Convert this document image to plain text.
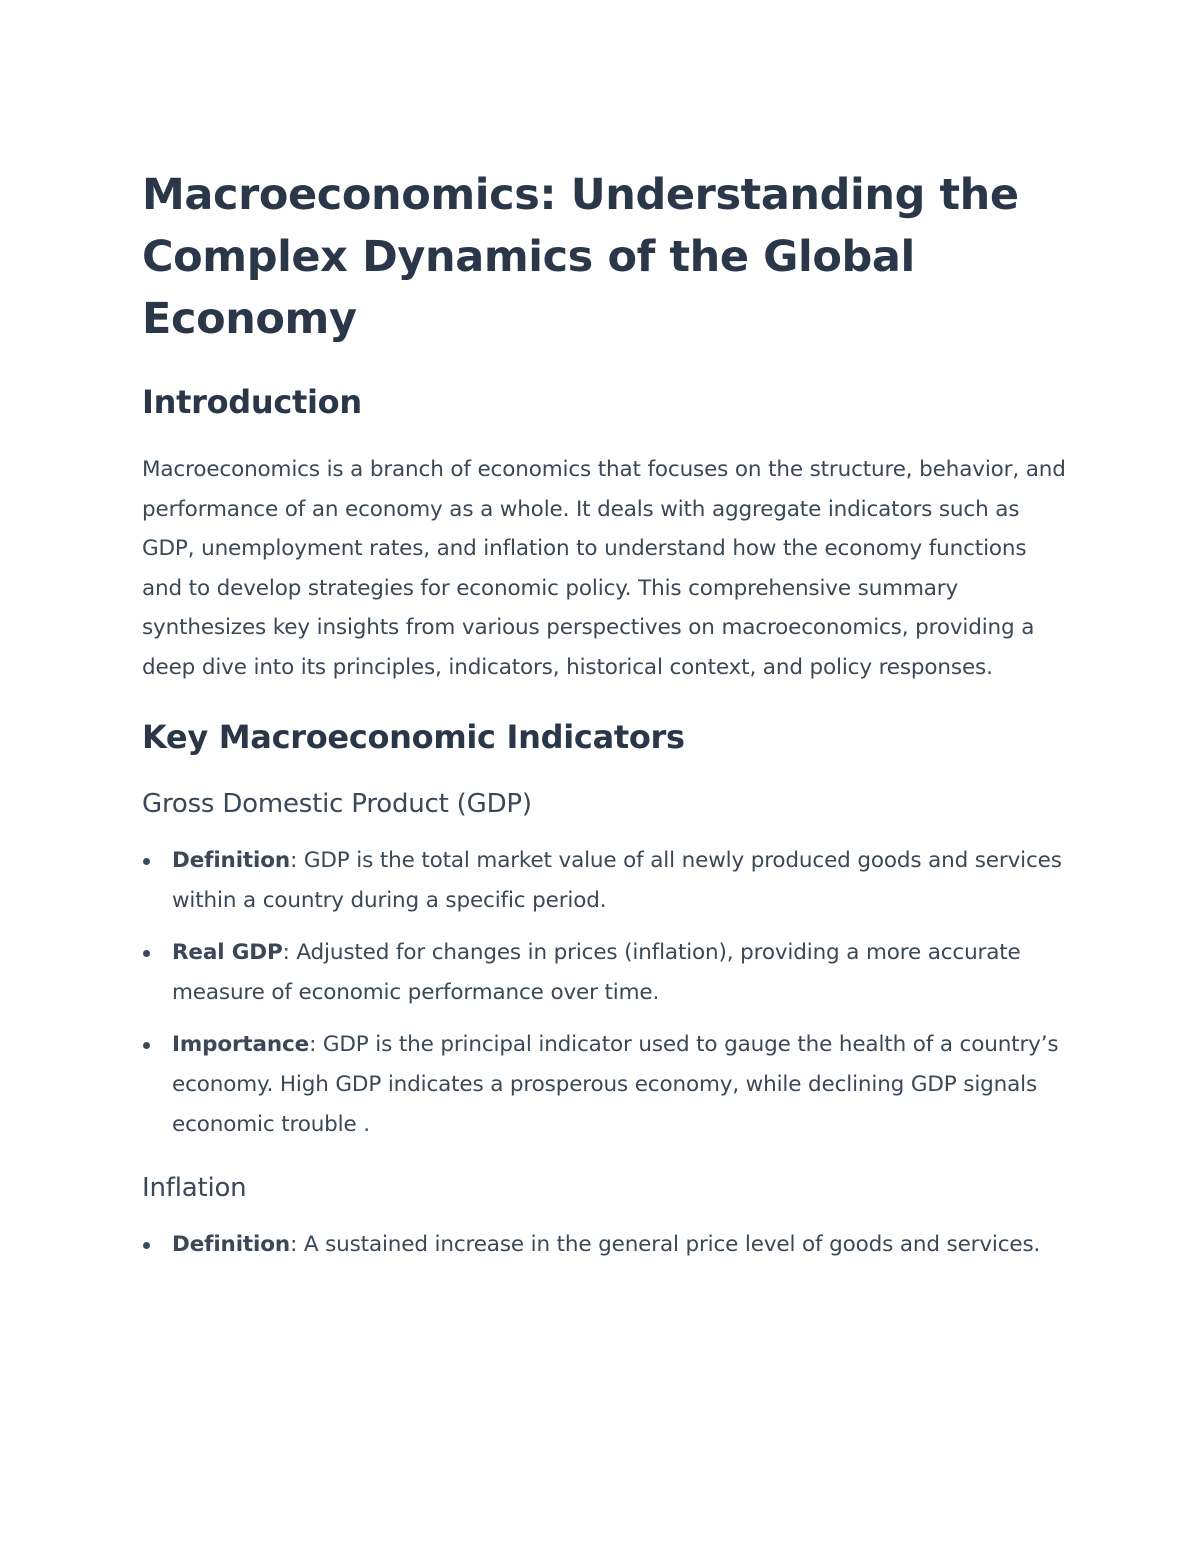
Macroeconomics: Understanding the Complex Dynamics of the Global Economy
Introduction

Macroeconomics is a branch of economics that focuses on the structure, behavior, and performance of an economy as a whole. It deals with aggregate indicators such as GDP, unemployment rates, and inflation to understand how the economy functions and to develop strategies for economic policy. This comprehensive summary synthesizes key insights from various perspectives on macroeconomics, providing a deep dive into its principles, indicators, historical context, and policy responses.

Key Macroeconomic Indicators
Gross Domestic Product (GDP)
Definition: GDP is the total market value of all newly produced goods and services within a country during a specific period.
Real GDP: Adjusted for changes in prices (inflation), providing a more accurate measure of economic performance over time.
Importance: GDP is the principal indicator used to gauge the health of a country’s economy. High GDP indicates a prosperous economy, while declining GDP signals economic trouble .
Inflation
Definition: A sustained increase in the general price level of goods and services.
